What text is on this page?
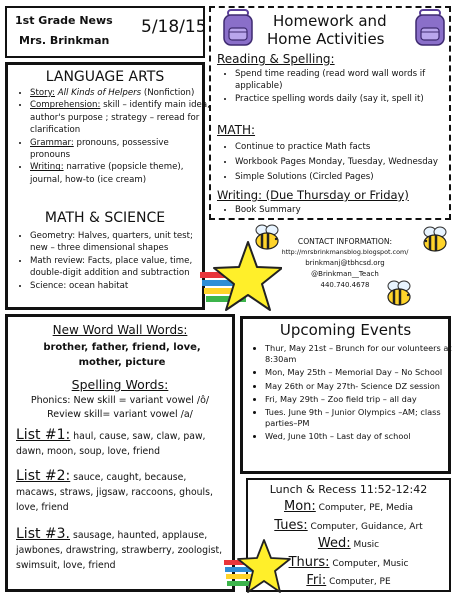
1st Grade News
Mrs. Brinkman
5/18/15	Homework and
Home Activities
Reading & Spelling:
• Spend time reading (read word wall words if applicable)
• Practice spelling words daily (say it, spell it)
MATH:
• Continue to practice Math facts
• Workbook Pages Monday, Tuesday, Wednesday
• Simple Solutions (Circled Pages)
Writing: (Due Thursday or Friday)
• Book Summary
LANGUAGE ARTS
• Story: All Kinds of Helpers (Nonfiction)
• Comprehension: skill – identify main idea, author's purpose ; strategy – reread for clarification
• Grammar: pronouns, possessive pronouns
• Writing: narrative (popsicle theme), journal, how-to (ice cream)
MATH & SCIENCE
• Geometry: Halves, quarters, unit test; new – three dimensional shapes
• Math review: Facts, place value, time, double-digit addition and subtraction
• Science: ocean habitat
CONTACT INFORMATION:
http://mrsbrinkmansblog.blogspot.com/
brinkmanj@tbhcsd.org
@Brinkman__Teach
440.740.4678
New Word Wall Words:
brother, father, friend, love, mother, picture
Spelling Words:
Phonics: New skill = variant vowel /ô/
Review skill= variant vowel /a/
List #1: haul, cause, saw, claw, paw, dawn, moon, soup, love, friend
List #2: sauce, caught, because, macaws, straws, jigsaw, raccoons, ghouls, love, friend
List #3. sausage, haunted, applause, jawbones, drawstring, strawberry, zoologist, swimsuit, love, friend
Upcoming Events
• Thur, May 21st – Brunch for our volunteers at 8:30am
• Mon, May 25th – Memorial Day – No School
• May 26th or May 27th- Science DZ session
• Fri, May 29th – Zoo field trip – all day
• Tues. June 9th – Junior Olympics –AM; class parties–PM
• Wed, June 10th – Last day of school
Lunch & Recess 11:52-12:42
Mon: Computer, PE, Media
Tues: Computer, Guidance, Art
Wed: Music
Thurs: Computer, Music
Fri: Computer, PE
